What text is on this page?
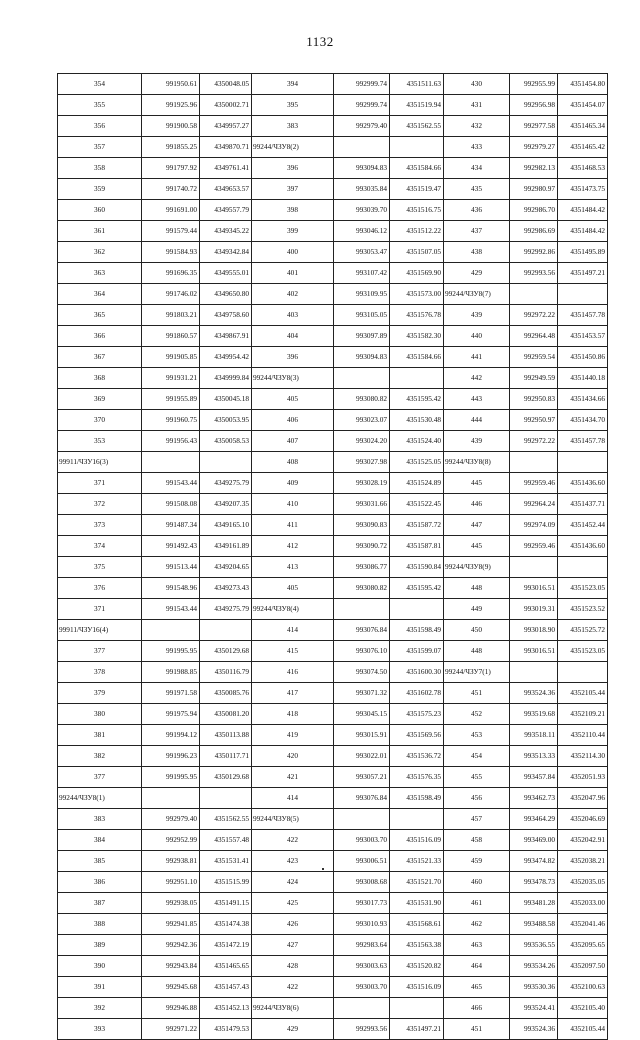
1132
354	991950.61	4350048.05	394	992999.74	4351511.63	430	992955.99	4351454.80
355	991925.96	4350002.71	395	992999.74	4351519.94	431	992956.98	4351454.07
356	991900.58	4349957.27	383	992979.40	4351562.55	432	992977.58	4351465.34
357	991855.25	4349870.71	99244/ЧЗУ8(2)			433	992979.27	4351465.42
358	991797.92	4349761.41	396	993094.83	4351584.66	434	992982.13	4351468.53
359	991740.72	4349653.57	397	993035.84	4351519.47	435	992980.97	4351473.75
360	991691.00	4349557.79	398	993039.70	4351516.75	436	992986.70	4351484.42
361	991579.44	4349345.22	399	993046.12	4351512.22	437	992986.69	4351484.42
362	991584.93	4349342.84	400	993053.47	4351507.05	438	992992.86	4351495.89
363	991696.35	4349555.01	401	993107.42	4351569.90	429	992993.56	4351497.21
364	991746.02	4349650.80	402	993109.95	4351573.00	99244/ЧЗУ8(7)		
365	991803.21	4349758.60	403	993105.05	4351576.78	439	992972.22	4351457.78
366	991860.57	4349867.91	404	993097.89	4351582.30	440	992964.48	4351453.57
367	991905.85	4349954.42	396	993094.83	4351584.66	441	992959.54	4351450.86
368	991931.21	4349999.84	99244/ЧЗУ8(3)			442	992949.59	4351440.18
369	991955.89	4350045.18	405	993080.82	4351595.42	443	992950.83	4351434.66
370	991960.75	4350053.95	406	993023.07	4351530.48	444	992950.97	4351434.70
353	991956.43	4350058.53	407	993024.20	4351524.40	439	992972.22	4351457.78
99911/ЧЗУ16(3)			408	993027.98	4351525.05	99244/ЧЗУ8(8)		
371	991543.44	4349275.79	409	993028.19	4351524.89	445	992959.46	4351436.60
372	991508.08	4349207.35	410	993031.66	4351522.45	446	992964.24	4351437.71
373	991487.34	4349165.10	411	993090.83	4351587.72	447	992974.09	4351452.44
374	991492.43	4349161.89	412	993090.72	4351587.81	445	992959.46	4351436.60
375	991513.44	4349204.65	413	993086.77	4351590.84	99244/ЧЗУ8(9)		
376	991548.96	4349273.43	405	993080.82	4351595.42	448	993016.51	4351523.05
371	991543.44	4349275.79	99244/ЧЗУ8(4)			449	993019.31	4351523.52
99911/ЧЗУ16(4)			414	993076.84	4351598.49	450	993018.90	4351525.72
377	991995.95	4350129.68	415	993076.10	4351599.07	448	993016.51	4351523.05
378	991988.85	4350116.79	416	993074.50	4351600.30	99244/ЧЗУ7(1)		
379	991971.58	4350085.76	417	993071.32	4351602.78	451	993524.36	4352105.44
380	991975.94	4350081.20	418	993045.15	4351575.23	452	993519.68	4352109.21
381	991994.12	4350113.88	419	993015.91	4351569.56	453	993518.11	4352110.44
382	991996.23	4350117.71	420	993022.01	4351536.72	454	993513.33	4352114.30
377	991995.95	4350129.68	421	993057.21	4351576.35	455	993457.84	4352051.93
99244/ЧЗУ8(1)			414	993076.84	4351598.49	456	993462.73	4352047.96
383	992979.40	4351562.55	99244/ЧЗУ8(5)			457	993464.29	4352046.69
384	992952.99	4351557.48	422	993003.70	4351516.09	458	993469.00	4352042.91
385	992938.81	4351531.41	423	993006.51	4351521.33	459	993474.82	4352038.21
386	992951.10	4351515.99	424	993008.68	4351521.70	460	993478.73	4352035.05
387	992938.05	4351491.15	425	993017.73	4351531.90	461	993481.28	4352033.00
388	992941.85	4351474.38	426	993010.93	4351568.61	462	993488.58	4352041.46
389	992942.36	4351472.19	427	992983.64	4351563.38	463	993536.55	4352095.65
390	992943.84	4351465.65	428	993003.63	4351520.82	464	993534.26	4352097.50
391	992945.68	4351457.43	422	993003.70	4351516.09	465	993530.36	4352100.63
392	992946.88	4351452.13	99244/ЧЗУ8(6)			466	993524.41	4352105.40
393	992971.22	4351479.53	429	992993.56	4351497.21	451	993524.36	4352105.44
